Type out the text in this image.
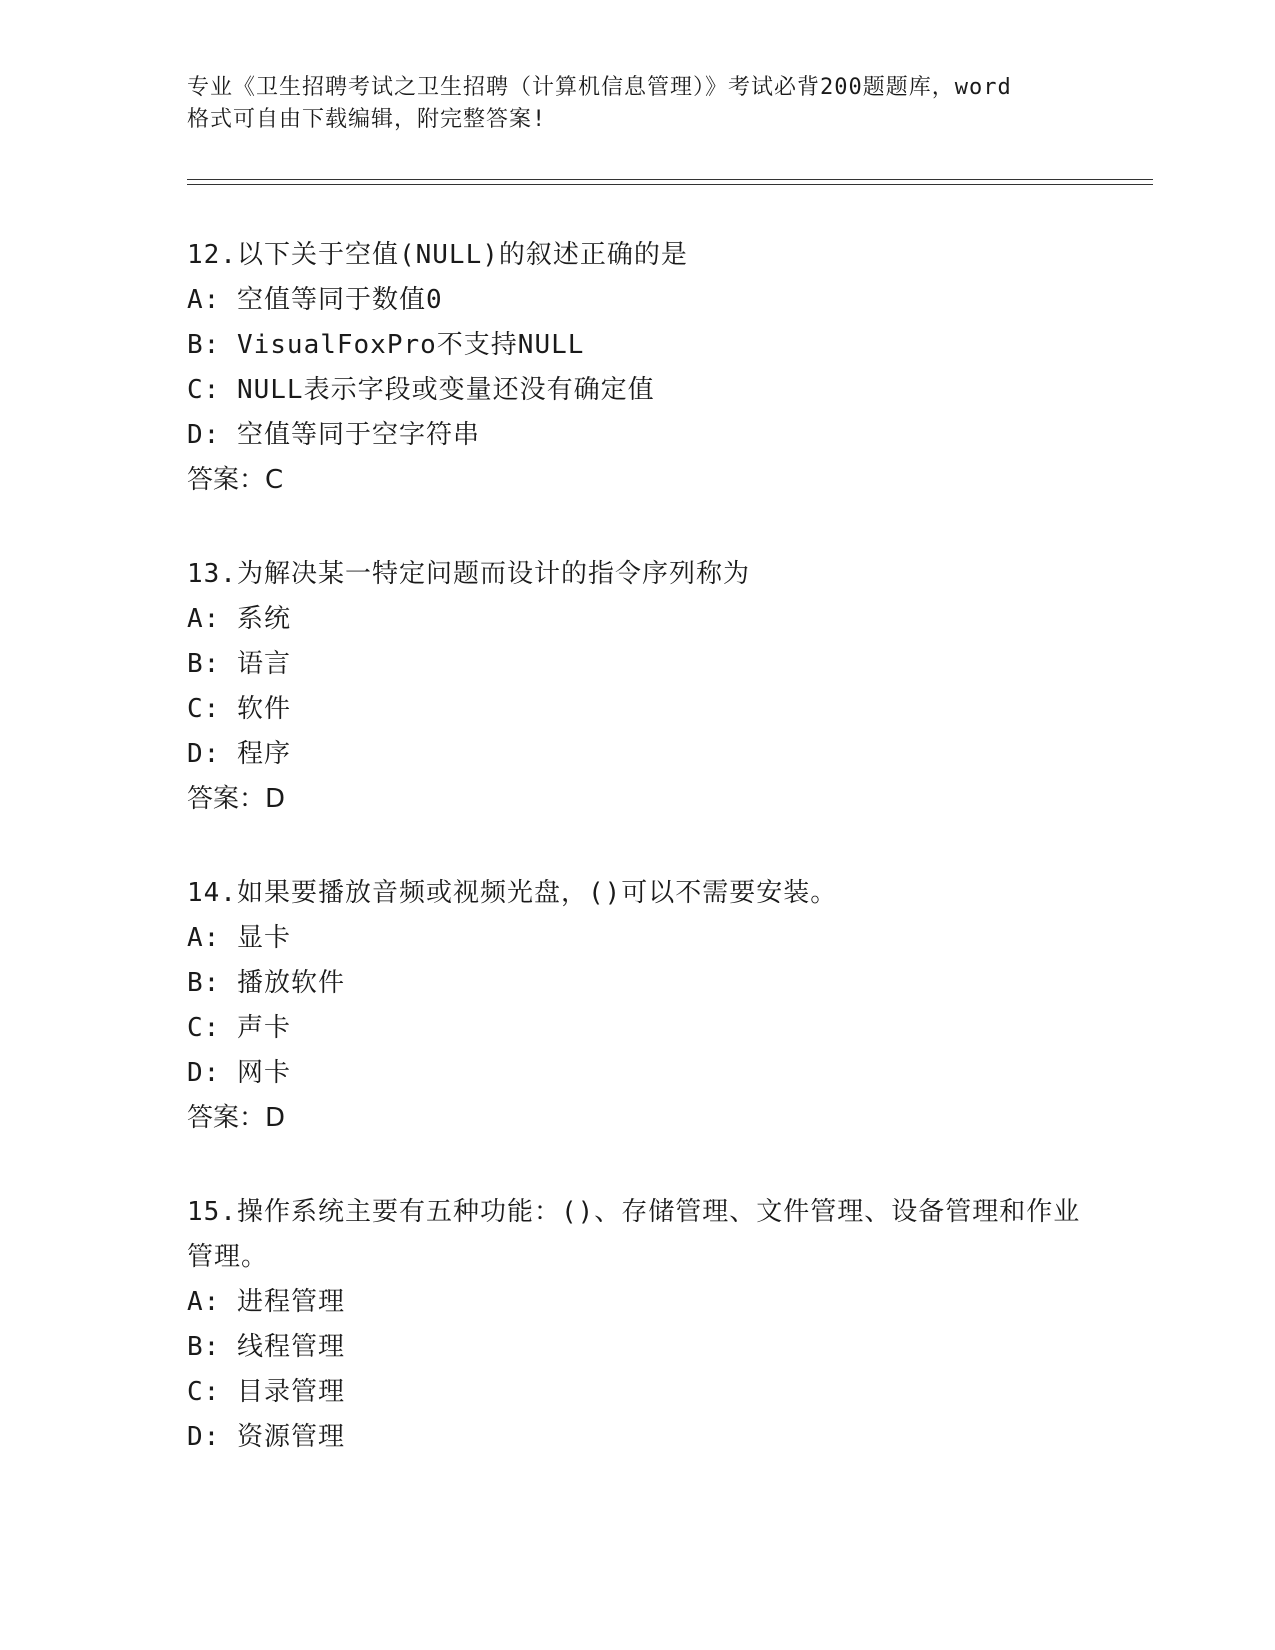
专业《卫生招聘考试之卫生招聘（计算机信息管理）》考试必背200题题库，word
格式可自由下载编辑，附完整答案!
12.以下关于空值(NULL)的叙述正确的是
A: 空值等同于数值0
B: VisualFoxPro不支持NULL
C: NULL表示字段或变量还没有确定值
D: 空值等同于空字符串
答案：C
13.为解决某一特定问题而设计的指令序列称为
A: 系统
B: 语言
C: 软件
D: 程序
答案：D
14.如果要播放音频或视频光盘，()可以不需要安装。
A: 显卡
B: 播放软件
C: 声卡
D: 网卡
答案：D
15.操作系统主要有五种功能：()、存储管理、文件管理、设备管理和作业管理。
A: 进程管理
B: 线程管理
C: 目录管理
D: 资源管理
